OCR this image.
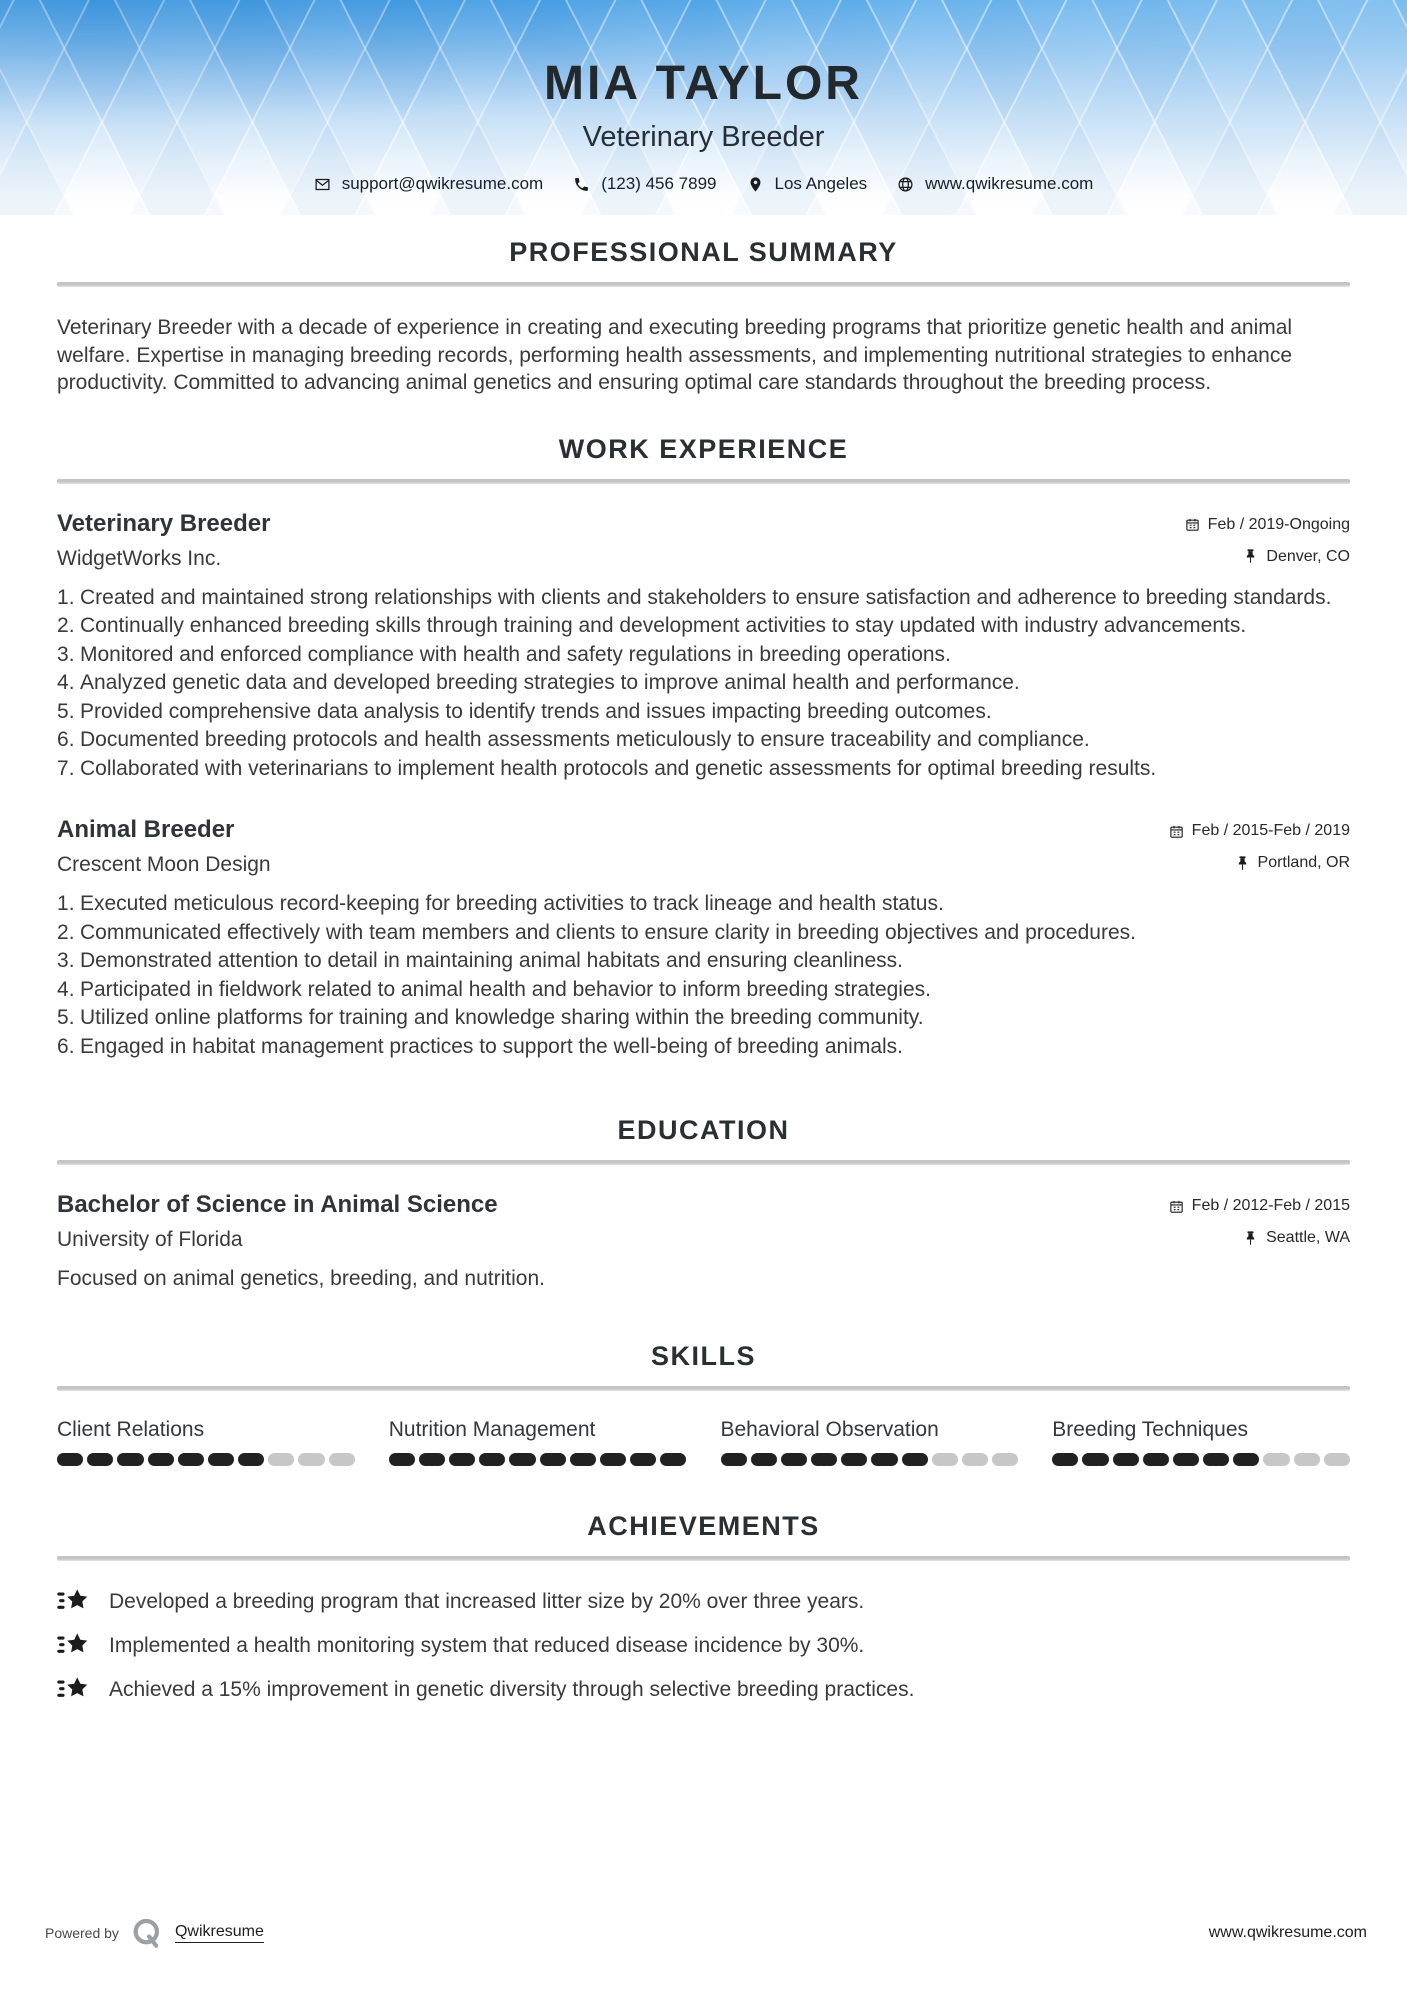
MIA TAYLOR
Veterinary Breeder
support@qwikresume.com	(123) 456 7899	Los Angeles	www.qwikresume.com
PROFESSIONAL SUMMARY

Veterinary Breeder with a decade of experience in creating and executing breeding programs that prioritize genetic health and animal welfare. Expertise in managing breeding records, performing health assessments, and implementing nutritional strategies to enhance productivity. Committed to advancing animal genetics and ensuring optimal care standards throughout the breeding process.

WORK EXPERIENCE
Veterinary Breeder
WidgetWorks Inc.
Feb / 2019-Ongoing
Denver, CO
Created and maintained strong relationships with clients and stakeholders to ensure satisfaction and adherence to breeding standards.
Continually enhanced breeding skills through training and development activities to stay updated with industry advancements.
Monitored and enforced compliance with health and safety regulations in breeding operations.
Analyzed genetic data and developed breeding strategies to improve animal health and performance.
Provided comprehensive data analysis to identify trends and issues impacting breeding outcomes.
Documented breeding protocols and health assessments meticulously to ensure traceability and compliance.
Collaborated with veterinarians to implement health protocols and genetic assessments for optimal breeding results.
Animal Breeder
Crescent Moon Design
Feb / 2015-Feb / 2019
Portland, OR
Executed meticulous record-keeping for breeding activities to track lineage and health status.
Communicated effectively with team members and clients to ensure clarity in breeding objectives and procedures.
Demonstrated attention to detail in maintaining animal habitats and ensuring cleanliness.
Participated in fieldwork related to animal health and behavior to inform breeding strategies.
Utilized online platforms for training and knowledge sharing within the breeding community.
Engaged in habitat management practices to support the well-being of breeding animals.
EDUCATION
Bachelor of Science in Animal Science
University of Florida
Feb / 2012-Feb / 2015
Seattle, WA

Focused on animal genetics, breeding, and nutrition.

SKILLS
Client Relations	Nutrition Management	Behavioral Observation	Breeding Techniques
ACHIEVEMENTS
Developed a breeding program that increased litter size by 20% over three years.
Implemented a health monitoring system that reduced disease incidence by 30%.
Achieved a 15% improvement in genetic diversity through selective breeding practices.
Powered by	Qwikresume	www.qwikresume.com
